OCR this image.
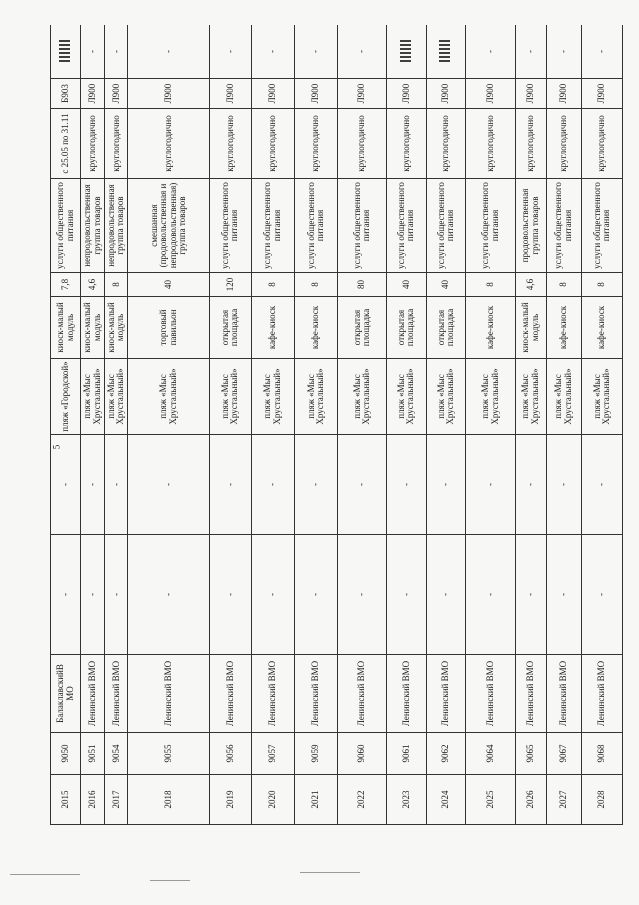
5
2015	9050	БалаклавскийВ МО	-	-	пляж «Городской»	киоск-малый модуль	7,8	услуги общественного питания	с 25.05 по 31.11	Б903	
2016	9051	Ленинский ВМО	-	-	пляж «Мыс Хрустальный»	киоск-малый модуль	4,6	непродовольственная группа товаров	круглогодично	Л900	-
2017	9054	Ленинский ВМО	-	-	пляж «Мыс Хрустальный»	киоск-малый модуль	8	непродовольственная группа товаров	круглогодично	Л900	-
2018	9055	Ленинский ВМО	-	-	пляж «Мыс Хрустальный»	торговый павильон	40	смешанная (продовольственная и непродовольственная) группа товаров	круглогодично	Л900	-
2019	9056	Ленинский ВМО	-	-	пляж «Мыс Хрустальный»	открытая площадка	120	услуги общественного питания	круглогодично	Л900	-
2020	9057	Ленинский ВМО	-	-	пляж «Мыс Хрустальный»	кафе-киоск	8	услуги общественного питания	круглогодично	Л900	-
2021	9059	Ленинский ВМО	-	-	пляж «Мыс Хрустальный»	кафе-киоск	8	услуги общественного питания	круглогодично	Л900	-
2022	9060	Ленинский ВМО	-	-	пляж «Мыс Хрустальный»	открытая площадка	80	услуги общественного питания	круглогодично	Л900	-
2023	9061	Ленинский ВМО	-	-	пляж «Мыс Хрустальный»	открытая площадка	40	услуги общественного питания	круглогодично	Л900	
2024	9062	Ленинский ВМО	-	-	пляж «Мыс Хрустальный»	открытая площадка	40	услуги общественного питания	круглогодично	Л900	
2025	9064	Ленинский ВМО	-	-	пляж «Мыс Хрустальный»	кафе-киоск	8	услуги общественного питания	круглогодично	Л900	-
2026	9065	Ленинский ВМО	-	-	пляж «Мыс Хрустальный»	киоск-малый модуль	4,6	продовольственная группа товаров	круглогодично	Л900	-
2027	9067	Ленинский ВМО	-	-	пляж «Мыс Хрустальный»	кафе-киоск	8	услуги общественного питания	круглогодично	Л900	-
2028	9068	Ленинский ВМО	-	-	пляж «Мыс Хрустальный»	кафе-киоск	8	услуги общественного питания	круглогодично	Л900	-
